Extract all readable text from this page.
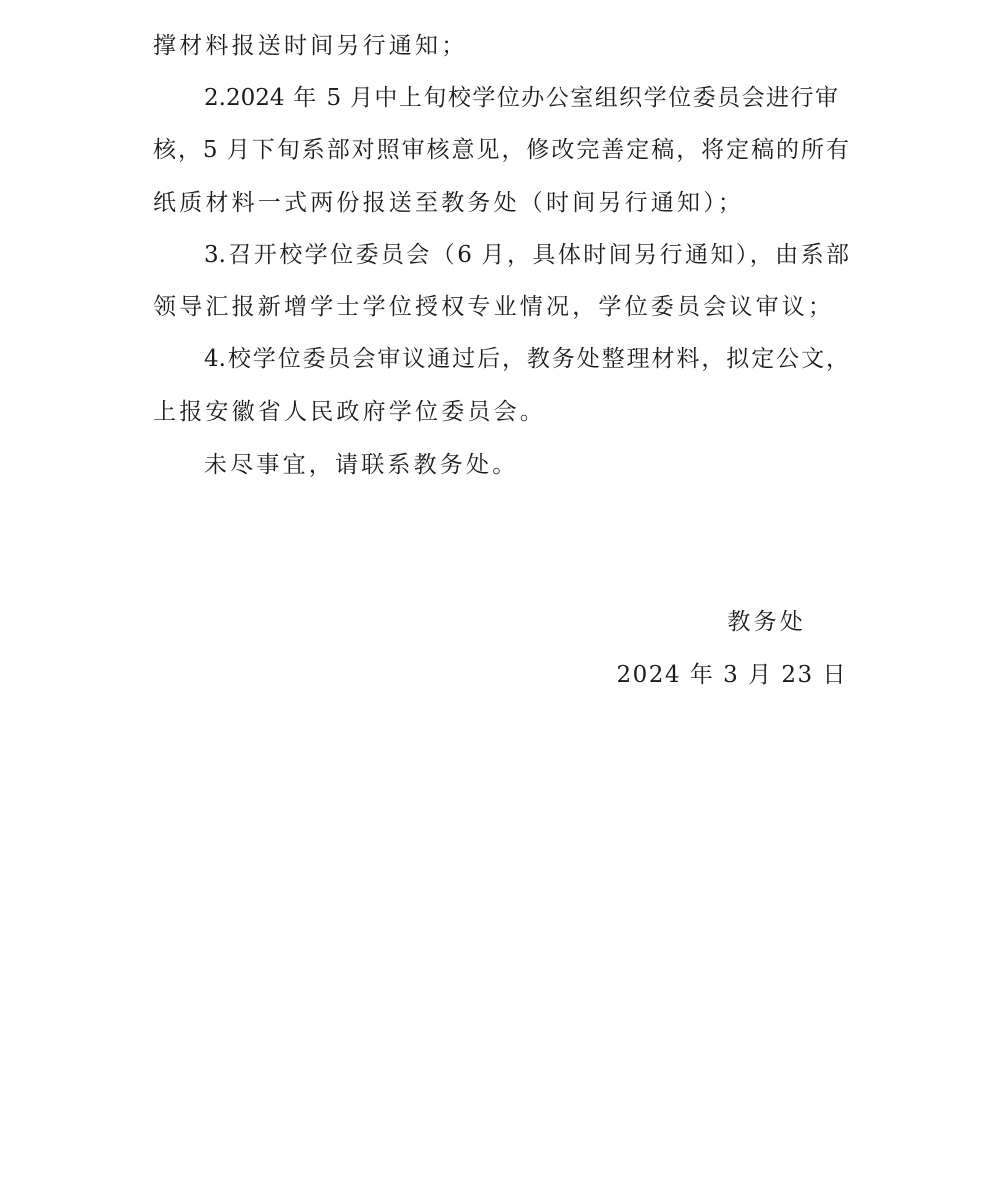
撑材料报送时间另行通知；
2.2024 年 5 月中上旬校学位办公室组织学位委员会进行审
核，5 月下旬系部对照审核意见，修改完善定稿，将定稿的所有
纸质材料一式两份报送至教务处（时间另行通知）；
3.召开校学位委员会（6 月，具体时间另行通知），由系部
领导汇报新增学士学位授权专业情况，学位委员会议审议；
4.校学位委员会审议通过后，教务处整理材料，拟定公文，
上报安徽省人民政府学位委员会。
未尽事宜，请联系教务处。
教务处
2024 年 3 月 23 日
